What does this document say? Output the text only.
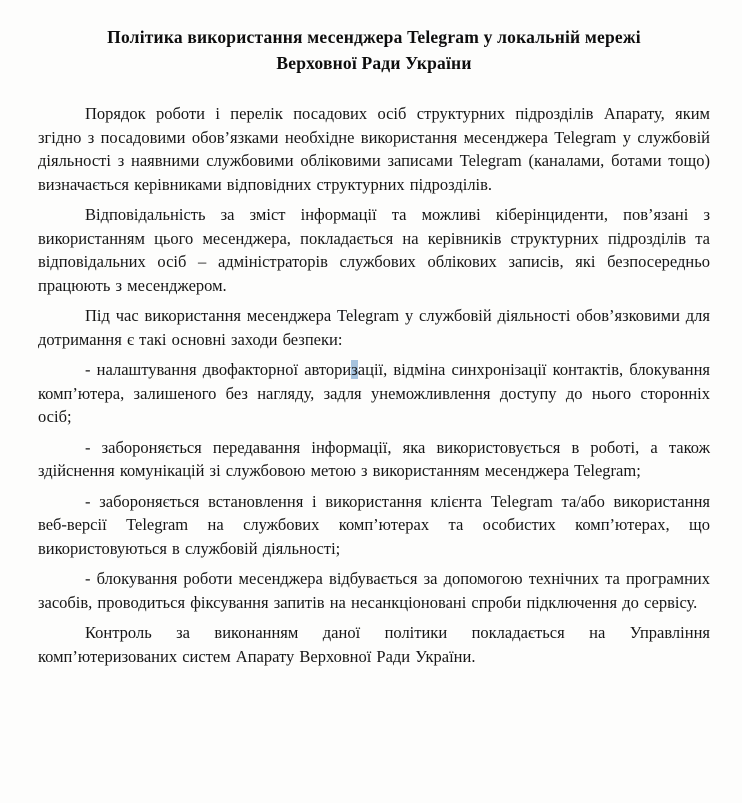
Політика використання месенджера Telegram у локальній мережі
Верховної Ради України

Порядок роботи і перелік посадових осіб структурних підрозділів Апарату, яким згідно з посадовими обов’язками необхідне використання месенджера Telegram у службовій діяльності з наявними службовими обліковими записами Telegram (каналами, ботами тощо) визначається керівниками відповідних структурних підрозділів.

Відповідальність за зміст інформації та можливі кіберінциденти, пов’язані з використанням цього месенджера, покладається на керівників структурних підрозділів та відповідальних осіб – адміністраторів службових облікових записів, які безпосередньо працюють з месенджером.

Під час використання месенджера Telegram у службовій діяльності обов’язковими для дотримання є такі основні заходи безпеки:

- налаштування двофакторної авторизації, відміна синхронізації контактів, блокування комп’ютера, залишеного без нагляду, задля унеможливлення доступу до нього сторонніх осіб;

- забороняється передавання інформації, яка використовується в роботі, а також здійснення комунікацій зі службовою метою з використанням месенджера Telegram;

- забороняється встановлення і використання клієнта Telegram та/або використання веб-версії Telegram на службових комп’ютерах та особистих комп’ютерах, що використовуються в службовій діяльності;

- блокування роботи месенджера відбувається за допомогою технічних та програмних засобів, проводиться фіксування запитів на несанкціоновані спроби підключення до сервісу.

Контроль за виконанням даної політики покладається на Управління комп’ютеризованих систем Апарату Верховної Ради України.
